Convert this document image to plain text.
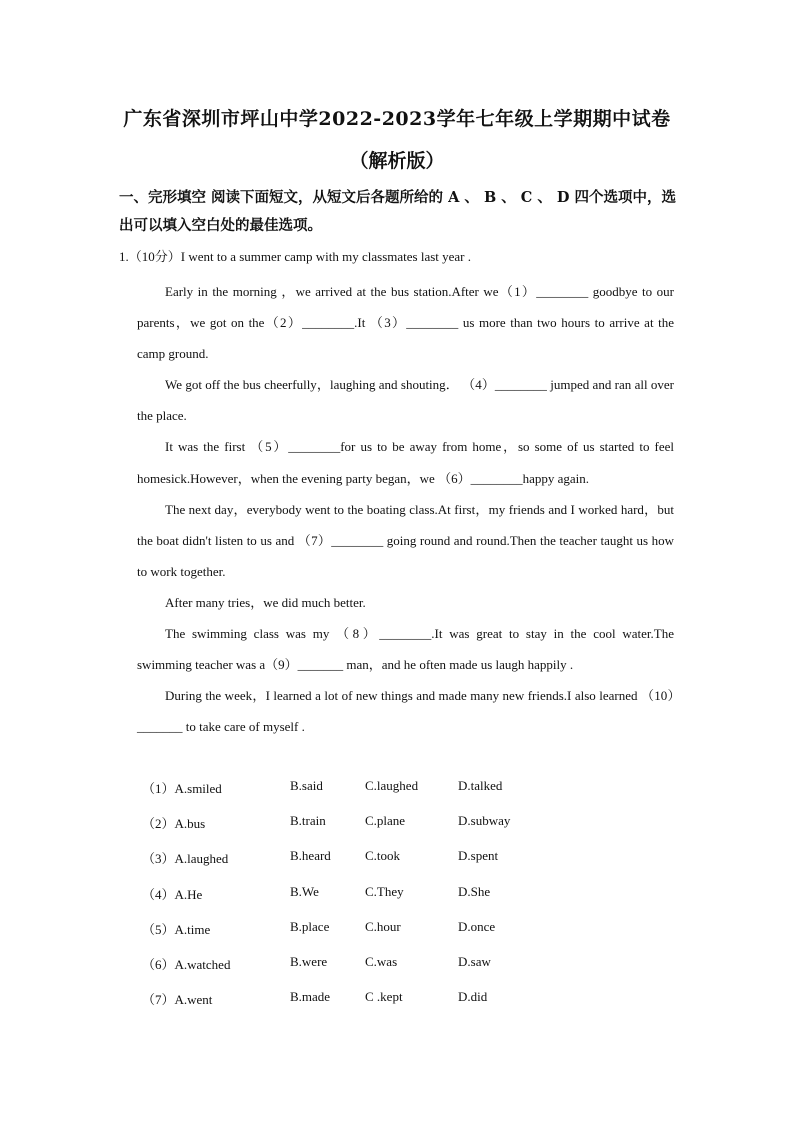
广东省深圳市坪山中学2022-2023学年七年级上学期期中试卷
（解析版）
一、完形填空 阅读下面短文，从短文后各题所给的 A 、 B 、 C 、 D 四个选项中，选出可以填入空白处的最佳选项。
1.（10分）I went to a summer camp with my classmates last year .

Early in the morning ，we arrived at the bus station.After we（1）________ goodbye to our parents，we got on the（2）________.It （3）________ us more than two hours to arrive at the camp ground.

We got off the bus cheerfully，laughing and shouting． （4）________ jumped and ran all over the place.

It was the first （5）________for us to be away from home，so some of us started to feel homesick.However，when the evening party began，we （6）________happy again.

The next day，everybody went to the boating class.At first，my friends and I worked hard，but the boat didn't listen to us and （7）________ going round and round.Then the teacher taught us how to work together.

After many tries，we did much better.

The swimming class was my （8）________.It was great to stay in the cool water.The swimming teacher was a（9）_______ man，and he often made us laugh happily .

During the week，I learned a lot of new things and made many new friends.I also learned （10）_______ to take care of myself .

（1）A.smiled	B.said	C.laughed	D.talked
（2）A.bus	B.train	C.plane	D.subway
（3）A.laughed	B.heard	C.took	D.spent
（4）A.He	B.We	C.They	D.She
（5）A.time	B.place	C.hour	D.once
（6）A.watched	B.were	C.was	D.saw
（7）A.went	B.made	C .kept	D.did
